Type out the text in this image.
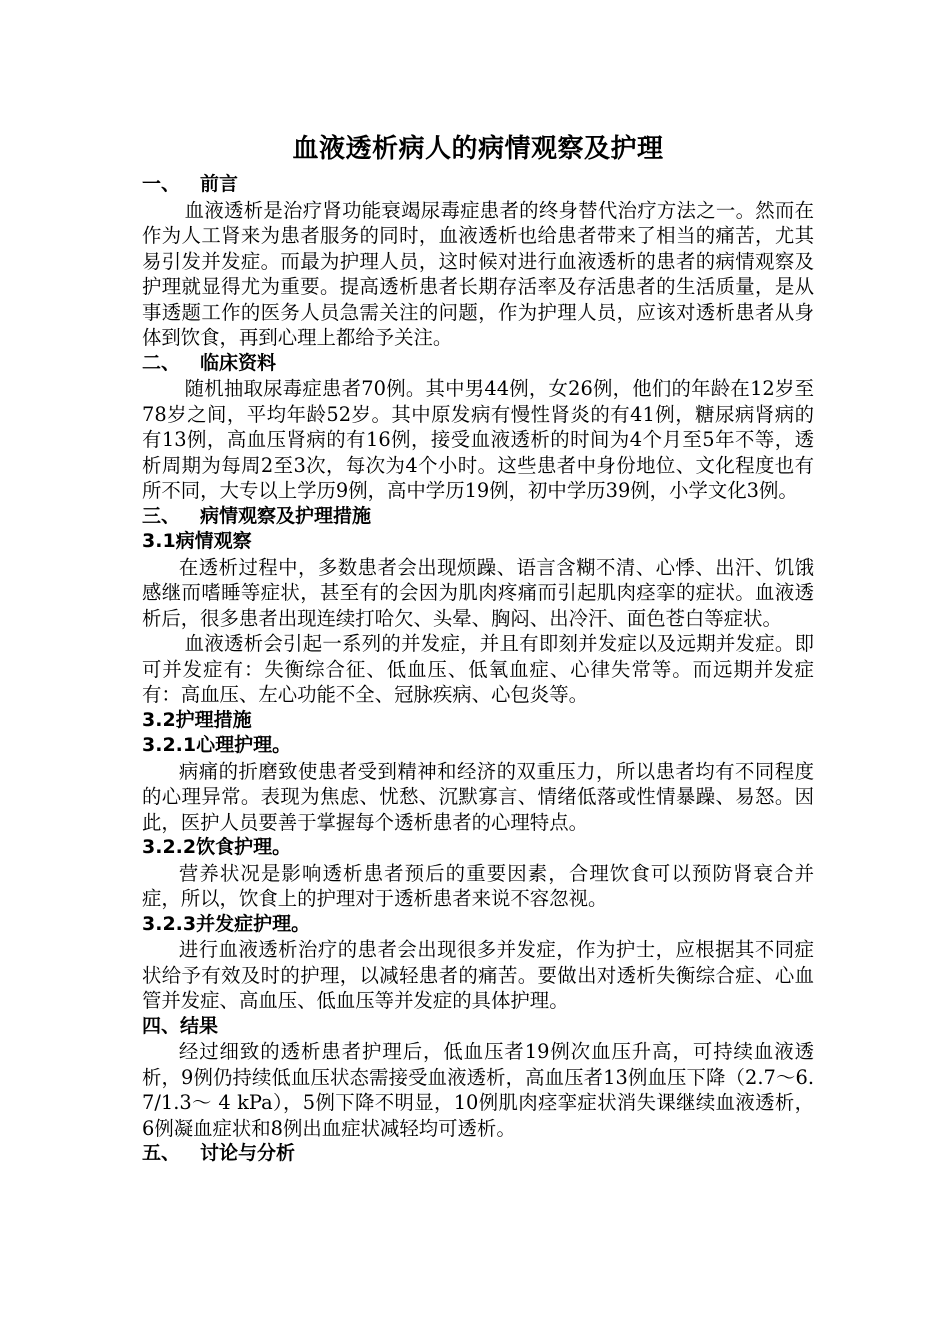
血液透析病人的病情观察及护理
一、 前言

血液透析是治疗肾功能衰竭尿毒症患者的终身替代治疗方法之一。然而在作为人工肾来为患者服务的同时，血液透析也给患者带来了相当的痛苦，尤其易引发并发症。而最为护理人员，这时候对进行血液透析的患者的病情观察及护理就显得尤为重要。提高透析患者长期存活率及存活患者的生活质量，是从事透题工作的医务人员急需关注的问题，作为护理人员，应该对透析患者从身体到饮食，再到心理上都给予关注。

二、 临床资料

随机抽取尿毒症患者70例。其中男44例，女26例，他们的年龄在12岁至78岁之间，平均年龄52岁。其中原发病有慢性肾炎的有41例，糖尿病肾病的有13例，高血压肾病的有16例，接受血液透析的时间为4个月至5年不等，透析周期为每周2至3次，每次为4个小时。这些患者中身份地位、文化程度也有所不同，大专以上学历9例，高中学历19例，初中学历39例，小学文化3例。

三、 病情观察及护理措施
3.1病情观察

在透析过程中，多数患者会出现烦躁、语言含糊不清、心悸、出汗、饥饿感继而嗜睡等症状，甚至有的会因为肌肉疼痛而引起肌肉痉挛的症状。血液透析后，很多患者出现连续打哈欠、头晕、胸闷、出冷汗、面色苍白等症状。

血液透析会引起一系列的并发症，并且有即刻并发症以及远期并发症。即可并发症有：失衡综合征、低血压、低氧血症、心律失常等。而远期并发症有：高血压、左心功能不全、冠脉疾病、心包炎等。

3.2护理措施
3.2.1心理护理。

病痛的折磨致使患者受到精神和经济的双重压力，所以患者均有不同程度的心理异常。表现为焦虑、忧愁、沉默寡言、情绪低落或性情暴躁、易怒。因此，医护人员要善于掌握每个透析患者的心理特点。

3.2.2饮食护理。

营养状况是影响透析患者预后的重要因素，合理饮食可以预防肾衰合并症，所以，饮食上的护理对于透析患者来说不容忽视。

3.2.3并发症护理。

进行血液透析治疗的患者会出现很多并发症，作为护士，应根据其不同症状给予有效及时的护理，以减轻患者的痛苦。要做出对透析失衡综合症、心血管并发症、高血压、低血压等并发症的具体护理。

四、结果

经过细致的透析患者护理后，低血压者19例次血压升高，可持续血液透析，9例仍持续低血压状态需接受血液透析，高血压者13例血压下降（2.7～6.7/1.3～ 4 kPa），5例下降不明显，10例肌肉痉挛症状消失课继续血液透析，6例凝血症状和8例出血症状减轻均可透析。

五、 讨论与分析
